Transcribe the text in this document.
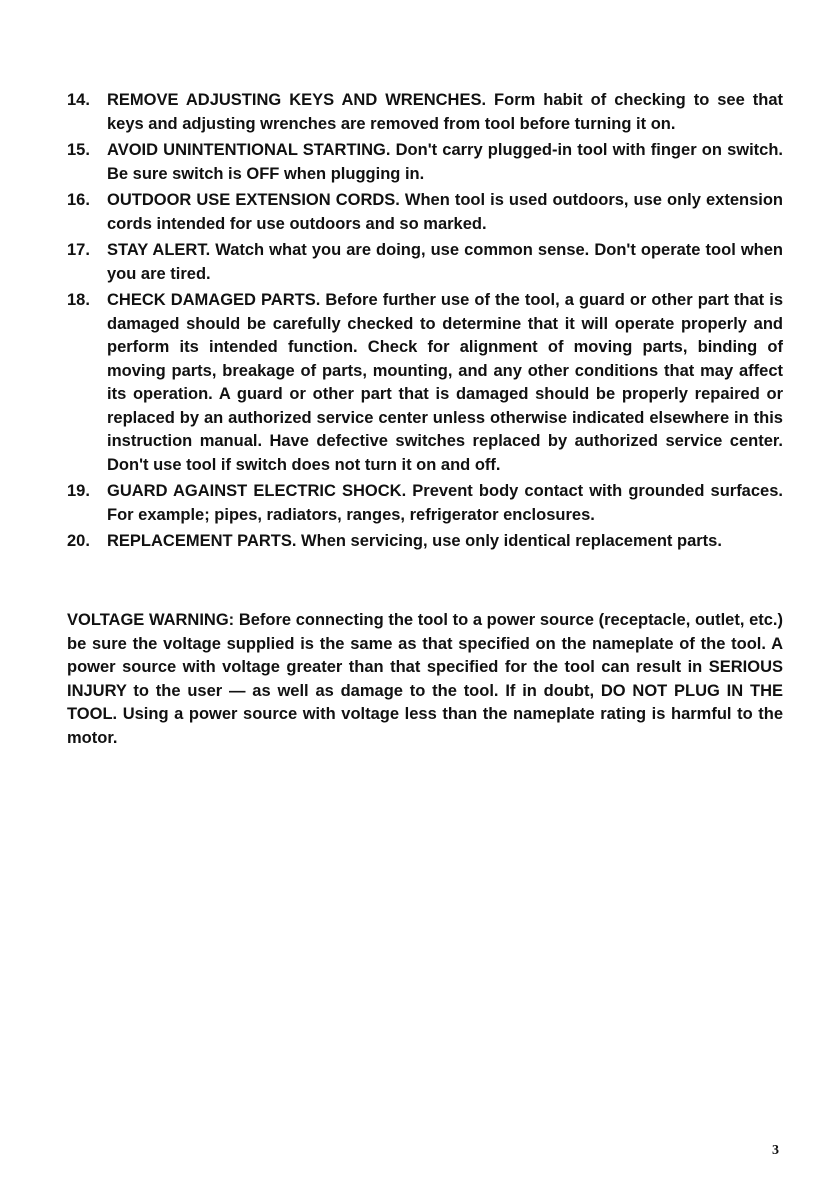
14.	REMOVE ADJUSTING KEYS AND WRENCHES. Form habit of checking to see that keys and adjusting wrenches are removed from tool before turning it on.
15.	AVOID UNINTENTIONAL STARTING. Don't carry plugged-in tool with finger on switch. Be sure switch is OFF when plugging in.
16.	OUTDOOR USE EXTENSION CORDS. When tool is used outdoors, use only extension cords intended for use outdoors and so marked.
17.	STAY ALERT. Watch what you are doing, use common sense. Don't operate tool when you are tired.
18.	CHECK DAMAGED PARTS. Before further use of the tool, a guard or other part that is damaged should be carefully checked to determine that it will operate properly and perform its intended function. Check for alignment of moving parts, binding of moving parts, breakage of parts, mounting, and any other conditions that may affect its operation. A guard or other part that is damaged should be properly repaired or replaced by an authorized service center unless otherwise indicated elsewhere in this instruction manual. Have defective switches replaced by authorized service center. Don't use tool if switch does not turn it on and off.
19.	GUARD AGAINST ELECTRIC SHOCK. Prevent body contact with grounded surfaces. For example; pipes, radiators, ranges, refrigerator enclosures.
20.	REPLACEMENT PARTS. When servicing, use only identical replacement parts.

VOLTAGE WARNING: Before connecting the tool to a power source (receptacle, outlet, etc.) be sure the voltage supplied is the same as that specified on the nameplate of the tool. A power source with voltage greater than that specified for the tool can result in SERIOUS INJURY to the user — as well as damage to the tool. If in doubt, DO NOT PLUG IN THE TOOL. Using a power source with voltage less than the nameplate rating is harmful to the motor.

3
